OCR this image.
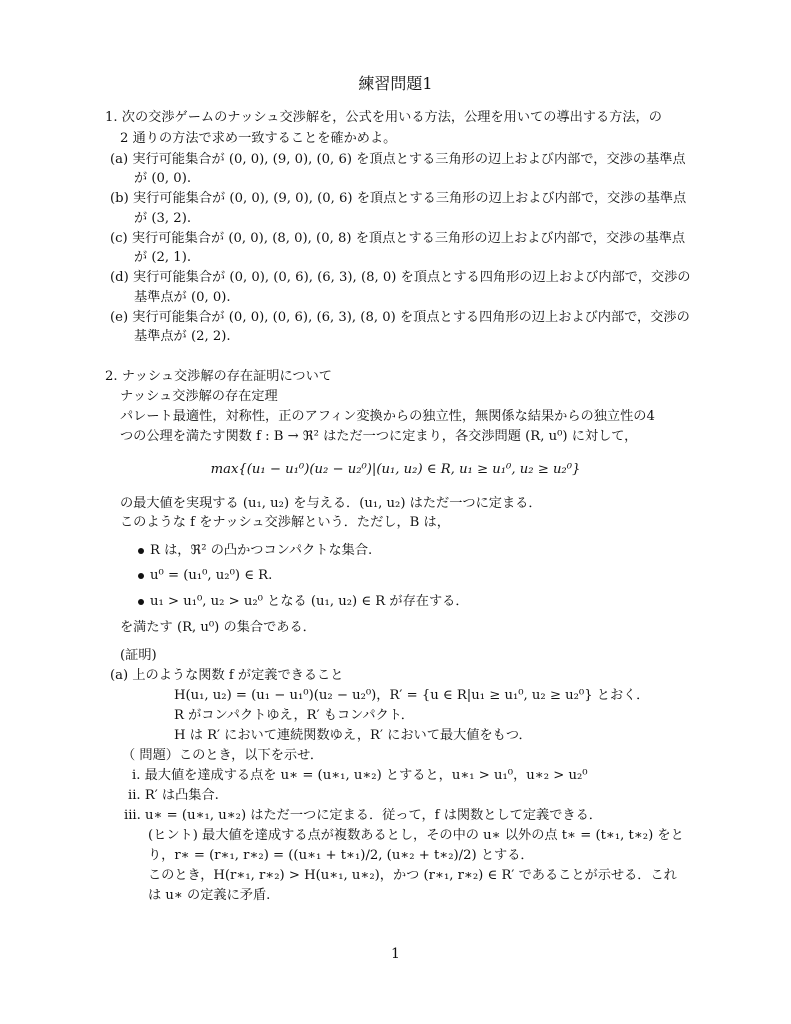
練習問題1
1. 次の交渉ゲームのナッシュ交渉解を，公式を用いる方法，公理を用いての導出する方法，の
2 通りの方法で求め一致することを確かめよ。
(a) 実行可能集合が (0, 0), (9, 0), (0, 6) を頂点とする三角形の辺上および内部で，交渉の基準点
が (0, 0).
(b) 実行可能集合が (0, 0), (9, 0), (0, 6) を頂点とする三角形の辺上および内部で，交渉の基準点
が (3, 2).
(c) 実行可能集合が (0, 0), (8, 0), (0, 8) を頂点とする三角形の辺上および内部で，交渉の基準点
が (2, 1).
(d) 実行可能集合が (0, 0), (0, 6), (6, 3), (8, 0) を頂点とする四角形の辺上および内部で，交渉の
基準点が (0, 0).
(e) 実行可能集合が (0, 0), (0, 6), (6, 3), (8, 0) を頂点とする四角形の辺上および内部で，交渉の
基準点が (2, 2).
2. ナッシュ交渉解の存在証明について
ナッシュ交渉解の存在定理
パレート最適性，対称性，正のアフィン変換からの独立性，無関係な結果からの独立性の4
つの公理を満たす関数 f : B → ℜ² はただ一つに定まり，各交渉問題 (R, u⁰) に対して，
max{(u₁ − u₁⁰)(u₂ − u₂⁰)|(u₁, u₂) ∈ R, u₁ ≥ u₁⁰, u₂ ≥ u₂⁰}
の最大値を実現する (u₁, u₂) を与える．(u₁, u₂) はただ一つに定まる．
このような f をナッシュ交渉解という．ただし，B は，
R は，ℜ² の凸かつコンパクトな集合.
u⁰ = (u₁⁰, u₂⁰) ∈ R.
u₁ > u₁⁰, u₂ > u₂⁰ となる (u₁, u₂) ∈ R が存在する．
を満たす (R, u⁰) の集合である．
(証明)
(a) 上のような関数 f が定義できること
H(u₁, u₂) = (u₁ − u₁⁰)(u₂ − u₂⁰)，R′ = {u ∈ R|u₁ ≥ u₁⁰, u₂ ≥ u₂⁰} とおく．
R がコンパクトゆえ，R′ もコンパクト．
H は R′ において連続関数ゆえ，R′ において最大値をもつ．
（ 問題）このとき，以下を示せ．
i. 最大値を達成する点を u∗ = (u∗₁, u∗₂) とすると，u∗₁ > u₁⁰，u∗₂ > u₂⁰
ii. R′ は凸集合.
iii. u∗ = (u∗₁, u∗₂) はただ一つに定まる．従って，f は関数として定義できる．
(ヒント) 最大値を達成する点が複数あるとし，その中の u∗ 以外の点 t∗ = (t∗₁, t∗₂) をと
り，r∗ = (r∗₁, r∗₂) = ((u∗₁ + t∗₁)/2, (u∗₂ + t∗₂)/2) とする．
このとき，H(r∗₁, r∗₂) > H(u∗₁, u∗₂)，かつ (r∗₁, r∗₂) ∈ R′ であることが示せる．これ
は u∗ の定義に矛盾.
1
